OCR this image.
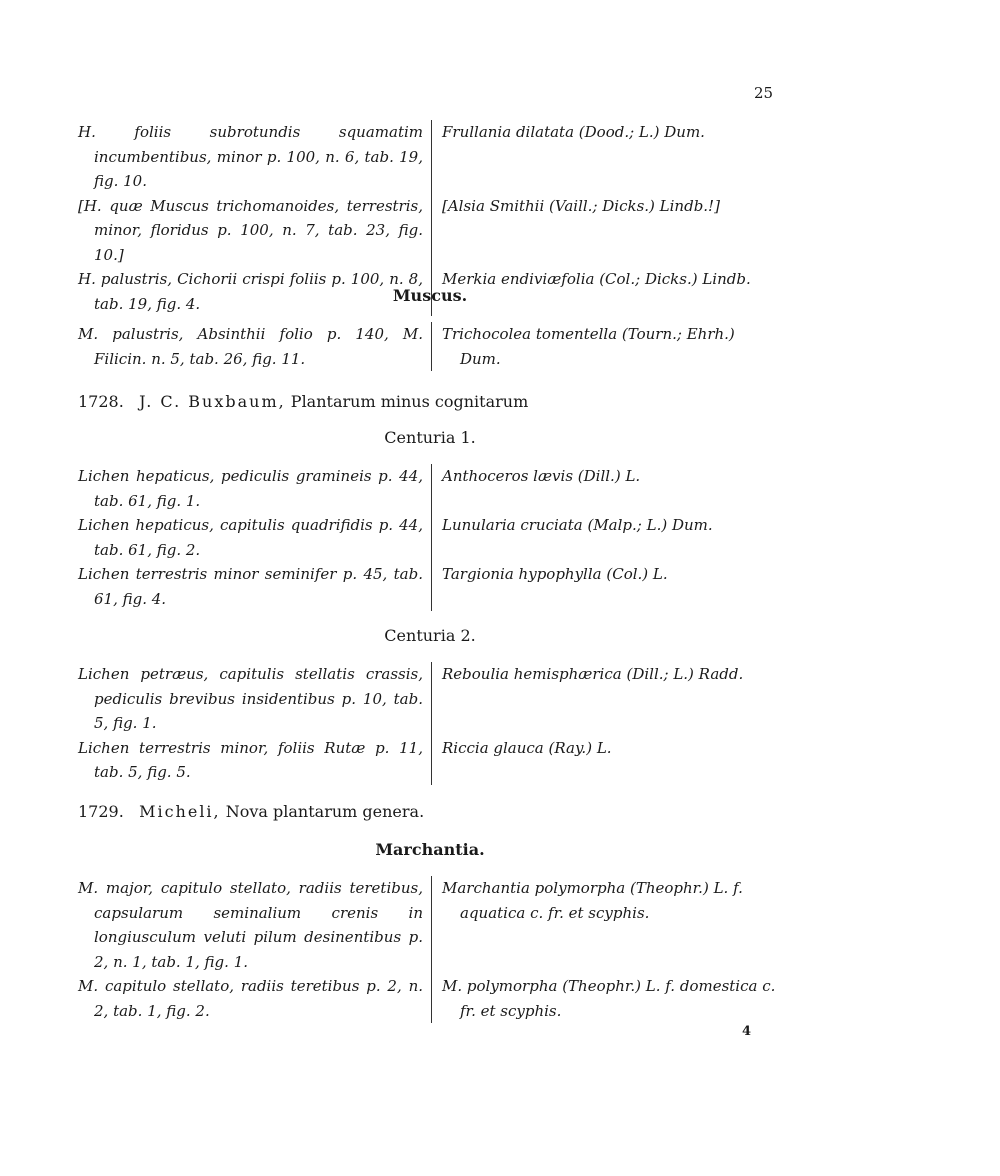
25

H. foliis subrotundis squamatim incumbentibus, minor p. 100, n. 6, tab. 19, fig. 10.

Frullania dilatata (Dood.; L.) Dum.

[H. quæ Muscus trichomanoides, terrestris, minor, floridus p. 100, n. 7, tab. 23, fig. 10.]

[Alsia Smithii (Vaill.; Dicks.) Lindb.!]

H. palustris, Cichorii crispi foliis p. 100, n. 8, tab. 19, fig. 4.

Merkia endiviæfolia (Col.; Dicks.) Lindb.

Muscus.

M. palustris, Absinthii folio p. 140, M. Filicin. n. 5, tab. 26, fig. 11.

Trichocolea tomentella (Tourn.; Ehrh.) Dum.

1728. J. C. Buxbaum, Plantarum minus cognitarum
Centuria 1.

Lichen hepaticus, pediculis gramineis p. 44, tab. 61, fig. 1.

Anthoceros lævis (Dill.) L.

Lichen hepaticus, capitulis quadrifidis p. 44, tab. 61, fig. 2.

Lunularia cruciata (Malp.; L.) Dum.

Lichen terrestris minor seminifer p. 45, tab. 61, fig. 4.

Targionia hypophylla (Col.) L.

Centuria 2.

Lichen petræus, capitulis stellatis crassis, pediculis brevibus insidentibus p. 10, tab. 5, fig. 1.

Reboulia hemisphærica (Dill.; L.) Radd.

Lichen terrestris minor, foliis Rutæ p. 11, tab. 5, fig. 5.

Riccia glauca (Ray.) L.

1729. Micheli, Nova plantarum genera.
Marchantia.

M. major, capitulo stellato, radiis teretibus, capsularum seminalium crenis in longiusculum veluti pilum desinentibus p. 2, n. 1, tab. 1, fig. 1.

Marchantia polymorpha (Theophr.) L. f. aquatica c. fr. et scyphis.

M. capitulo stellato, radiis teretibus p. 2, n. 2, tab. 1, fig. 2.

M. polymorpha (Theophr.) L. f. domestica c. fr. et scyphis.

4
